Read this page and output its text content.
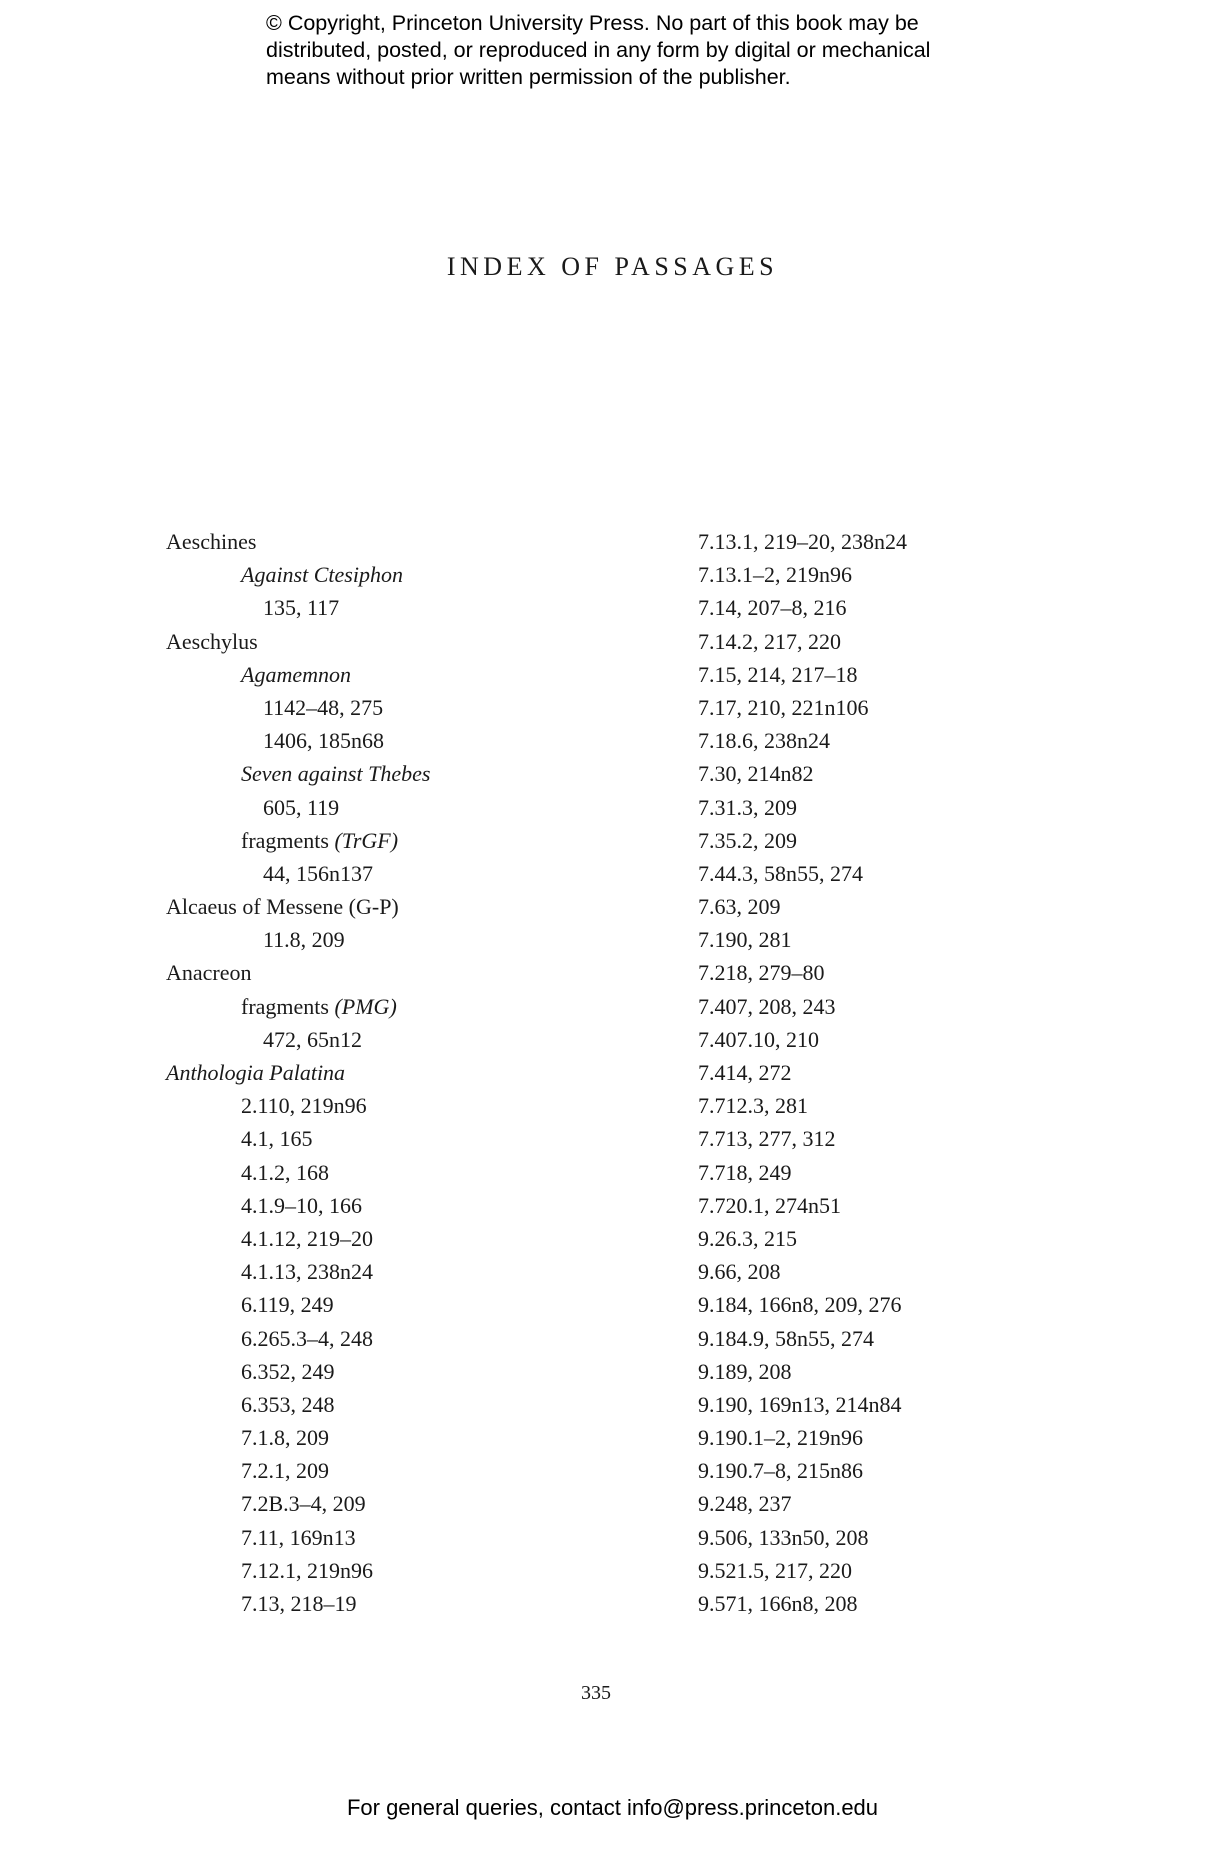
© Copyright, Princeton University Press. No part of this book may be
distributed, posted, or reproduced in any form by digital or mechanical
means without prior written permission of the publisher.
INDEX OF PASSAGES
Aeschines
Against Ctesiphon
135, 117
Aeschylus
Agamemnon
1142–48, 275
1406, 185n68
Seven against Thebes
605, 119
fragments (TrGF)
44, 156n137
Alcaeus of Messene (G-P)
11.8, 209
Anacreon
fragments (PMG)
472, 65n12
Anthologia Palatina
2.110, 219n96
4.1, 165
4.1.2, 168
4.1.9–10, 166
4.1.12, 219–20
4.1.13, 238n24
6.119, 249
6.265.3–4, 248
6.352, 249
6.353, 248
7.1.8, 209
7.2.1, 209
7.2B.3–4, 209
7.11, 169n13
7.12.1, 219n96
7.13, 218–19
7.13.1, 219–20, 238n24
7.13.1–2, 219n96
7.14, 207–8, 216
7.14.2, 217, 220
7.15, 214, 217–18
7.17, 210, 221n106
7.18.6, 238n24
7.30, 214n82
7.31.3, 209
7.35.2, 209
7.44.3, 58n55, 274
7.63, 209
7.190, 281
7.218, 279–80
7.407, 208, 243
7.407.10, 210
7.414, 272
7.712.3, 281
7.713, 277, 312
7.718, 249
7.720.1, 274n51
9.26.3, 215
9.66, 208
9.184, 166n8, 209, 276
9.184.9, 58n55, 274
9.189, 208
9.190, 169n13, 214n84
9.190.1–2, 219n96
9.190.7–8, 215n86
9.248, 237
9.506, 133n50, 208
9.521.5, 217, 220
9.571, 166n8, 208
335
For general queries, contact info@press.princeton.edu
